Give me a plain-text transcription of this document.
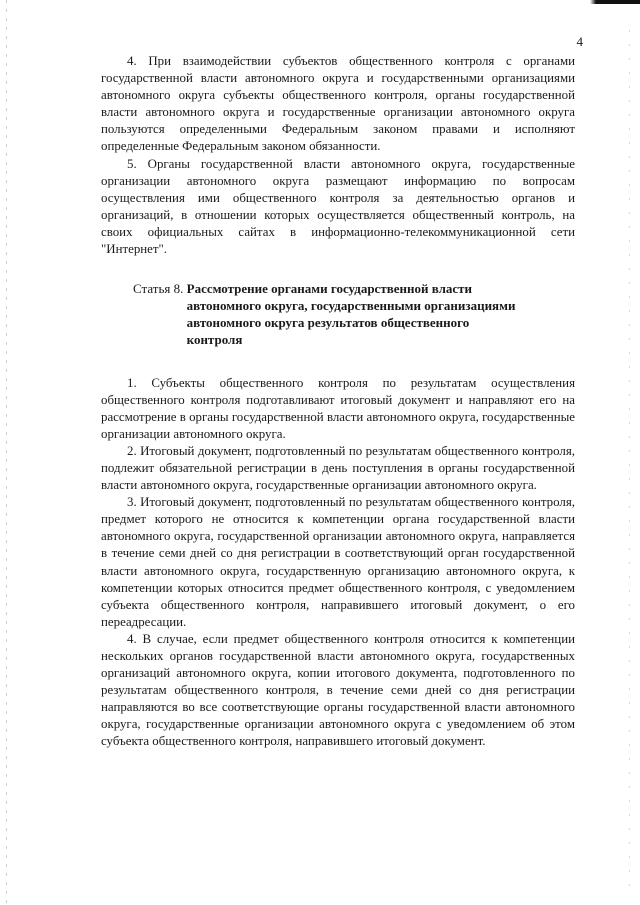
4

4. При взаимодействии субъектов общественного контроля с органами государственной власти автономного округа и государственными организациями автономного округа субъекты общественного контроля, органы государственной власти автономного округа и государственные организации автономного округа пользуются определенными Федеральным законом правами и исполняют определенные Федеральным законом обязанности.

5. Органы государственной власти автономного округа, государственные организации автономного округа размещают информацию по вопросам осуществления ими общественного контроля за деятельностью органов и организаций, в отношении которых осуществляется общественный контроль, на своих официальных сайтах в информационно-телекоммуникационной сети "Интернет".

Статья 8. Рассмотрение органами государственной власти автономного округа, государственными организациями автономного округа результатов общественного контроля

1. Субъекты общественного контроля по результатам осуществления общественного контроля подготавливают итоговый документ и направляют его на рассмотрение в органы государственной власти автономного округа, государственные организации автономного округа.

2. Итоговый документ, подготовленный по результатам общественного контроля, подлежит обязательной регистрации в день поступления в органы государственной власти автономного округа, государственные организации автономного округа.

3. Итоговый документ, подготовленный по результатам общественного контроля, предмет которого не относится к компетенции органа государственной власти автономного округа, государственной организации автономного округа, направляется в течение семи дней со дня регистрации в соответствующий орган государственной власти автономного округа, государственную организацию автономного округа, к компетенции которых относится предмет общественного контроля, с уведомлением субъекта общественного контроля, направившего итоговый документ, о его переадресации.

4. В случае, если предмет общественного контроля относится к компетенции нескольких органов государственной власти автономного округа, государственных организаций автономного округа, копии итогового документа, подготовленного по результатам общественного контроля, в течение семи дней со дня регистрации направляются во все соответствующие органы государственной власти автономного округа, государственные организации автономного округа с уведомлением об этом субъекта общественного контроля, направившего итоговый документ.
